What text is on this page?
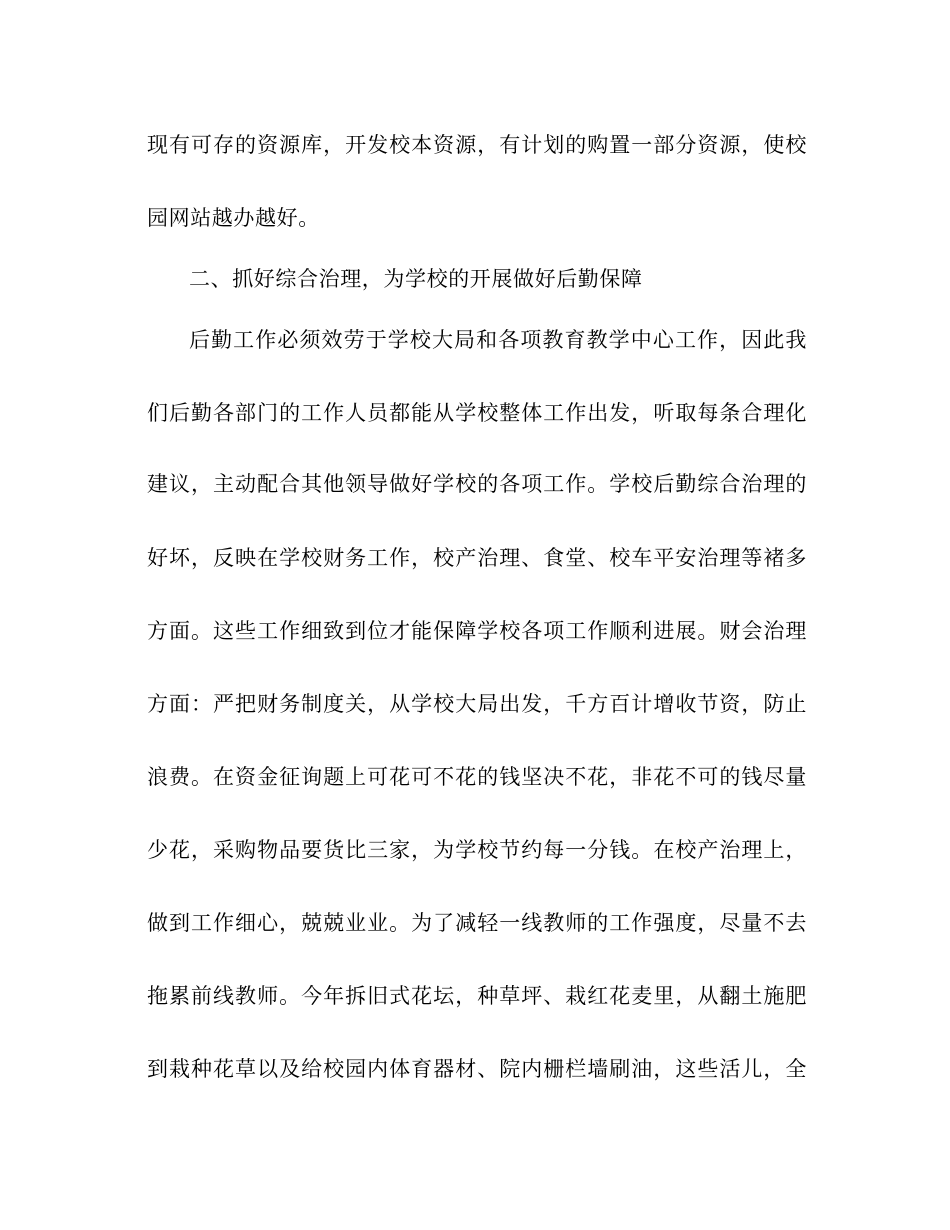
现有可存的资源库，开发校本资源，有计划的购置一部分资源，使校
园网站越办越好。
二、抓好综合治理，为学校的开展做好后勤保障
后勤工作必须效劳于学校大局和各项教育教学中心工作，因此我
们后勤各部门的工作人员都能从学校整体工作出发，听取每条合理化
建议，主动配合其他领导做好学校的各项工作。学校后勤综合治理的
好坏，反映在学校财务工作，校产治理、食堂、校车平安治理等褚多
方面。这些工作细致到位才能保障学校各项工作顺利进展。财会治理
方面：严把财务制度关，从学校大局出发，千方百计增收节资，防止
浪费。在资金征询题上可花可不花的钱坚决不花，非花不可的钱尽量
少花，采购物品要货比三家，为学校节约每一分钱。在校产治理上，
做到工作细心，兢兢业业。为了减轻一线教师的工作强度，尽量不去
拖累前线教师。今年拆旧式花坛，种草坪、栽红花麦里，从翻土施肥
到栽种花草以及给校园内体育器材、院内栅栏墙刷油，这些活儿，全
